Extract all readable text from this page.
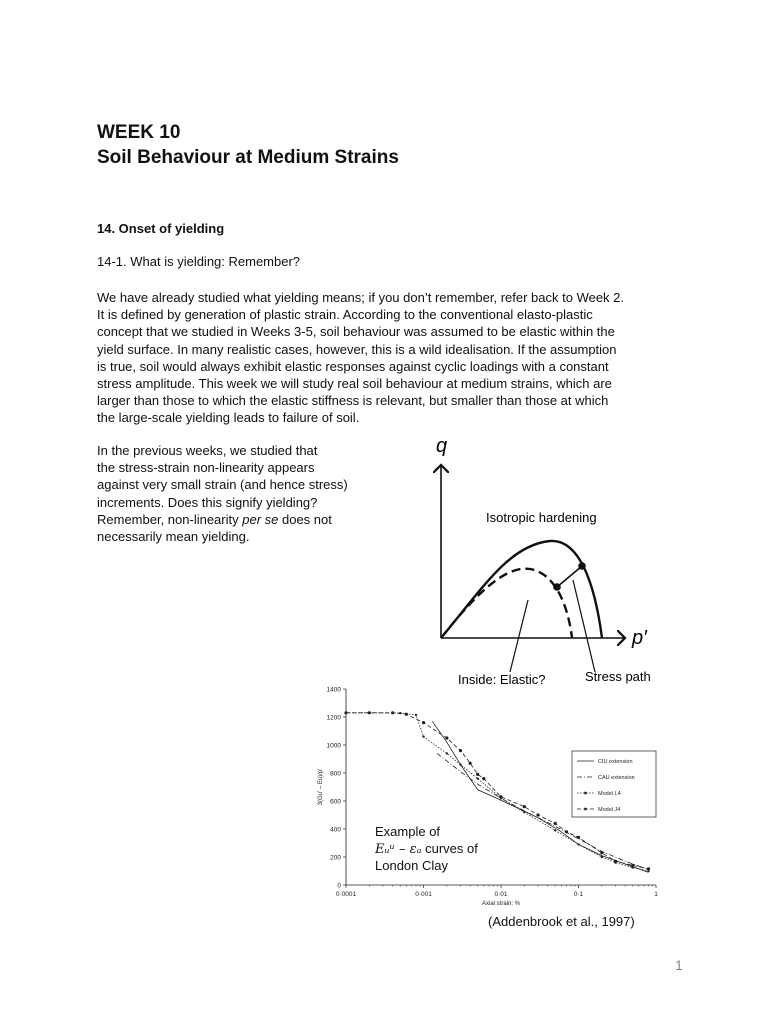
WEEK 10
Soil Behaviour at Medium Strains
14. Onset of yielding
14-1. What is yielding: Remember?

We have already studied what yielding means; if you don’t remember, refer back to Week 2.
It is defined by generation of plastic strain. According to the conventional elasto-plastic
concept that we studied in Weeks 3-5, soil behaviour was assumed to be elastic within the
yield surface. In many realistic cases, however, this is a wild idealisation. If the assumption
is true, soil would always exhibit elastic responses against cyclic loadings with a constant
stress amplitude. This week we will study real soil behaviour at medium strains, which are
larger than those to which the elastic stiffness is relevant, but smaller than those at which
the large-scale yielding leads to failure of soil.

In the previous weeks, we studied that
the stress-strain non-linearity appears
against very small strain (and hence stress)
increments. Does this signify yielding?
Remember, non-linearity per se does not
necessarily mean yielding.

q
p′
Isotropic hardening
Inside: Elastic?	Stress path
0
200
400
600
800
1000
1200
1400
0·0001	0·001	0·01	0·1	1
Axial strain: %
3(Gu' – Eu)/p'
CIU extension
CAU extension
Model L4
Model J4
Example of
Eᵤᵘ – εₐ curves of
London Clay
(Addenbrook et al., 1997)
1
